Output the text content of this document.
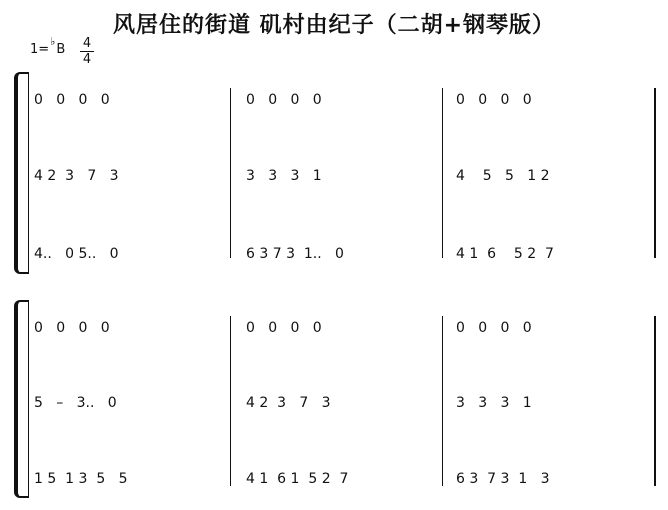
风居住的街道 矶村由纪子（二胡+钢琴版）
1=♭B 4
4
0   0   0   0	0   0   0   0	0   0   0   0
4 2  3   7   3	3   3   3   1	4    5   5   1 2
4..   0 5..   0	6 3 7 3  1..   0	4 1  6    5 2  7
0   0   0   0	0   0   0   0	0   0   0   0
5   –   3..   0	4 2  3   7   3	3   3   3   1
1 5  1 3  5   5	4 1  6 1  5 2  7	6 3  7 3  1   3
